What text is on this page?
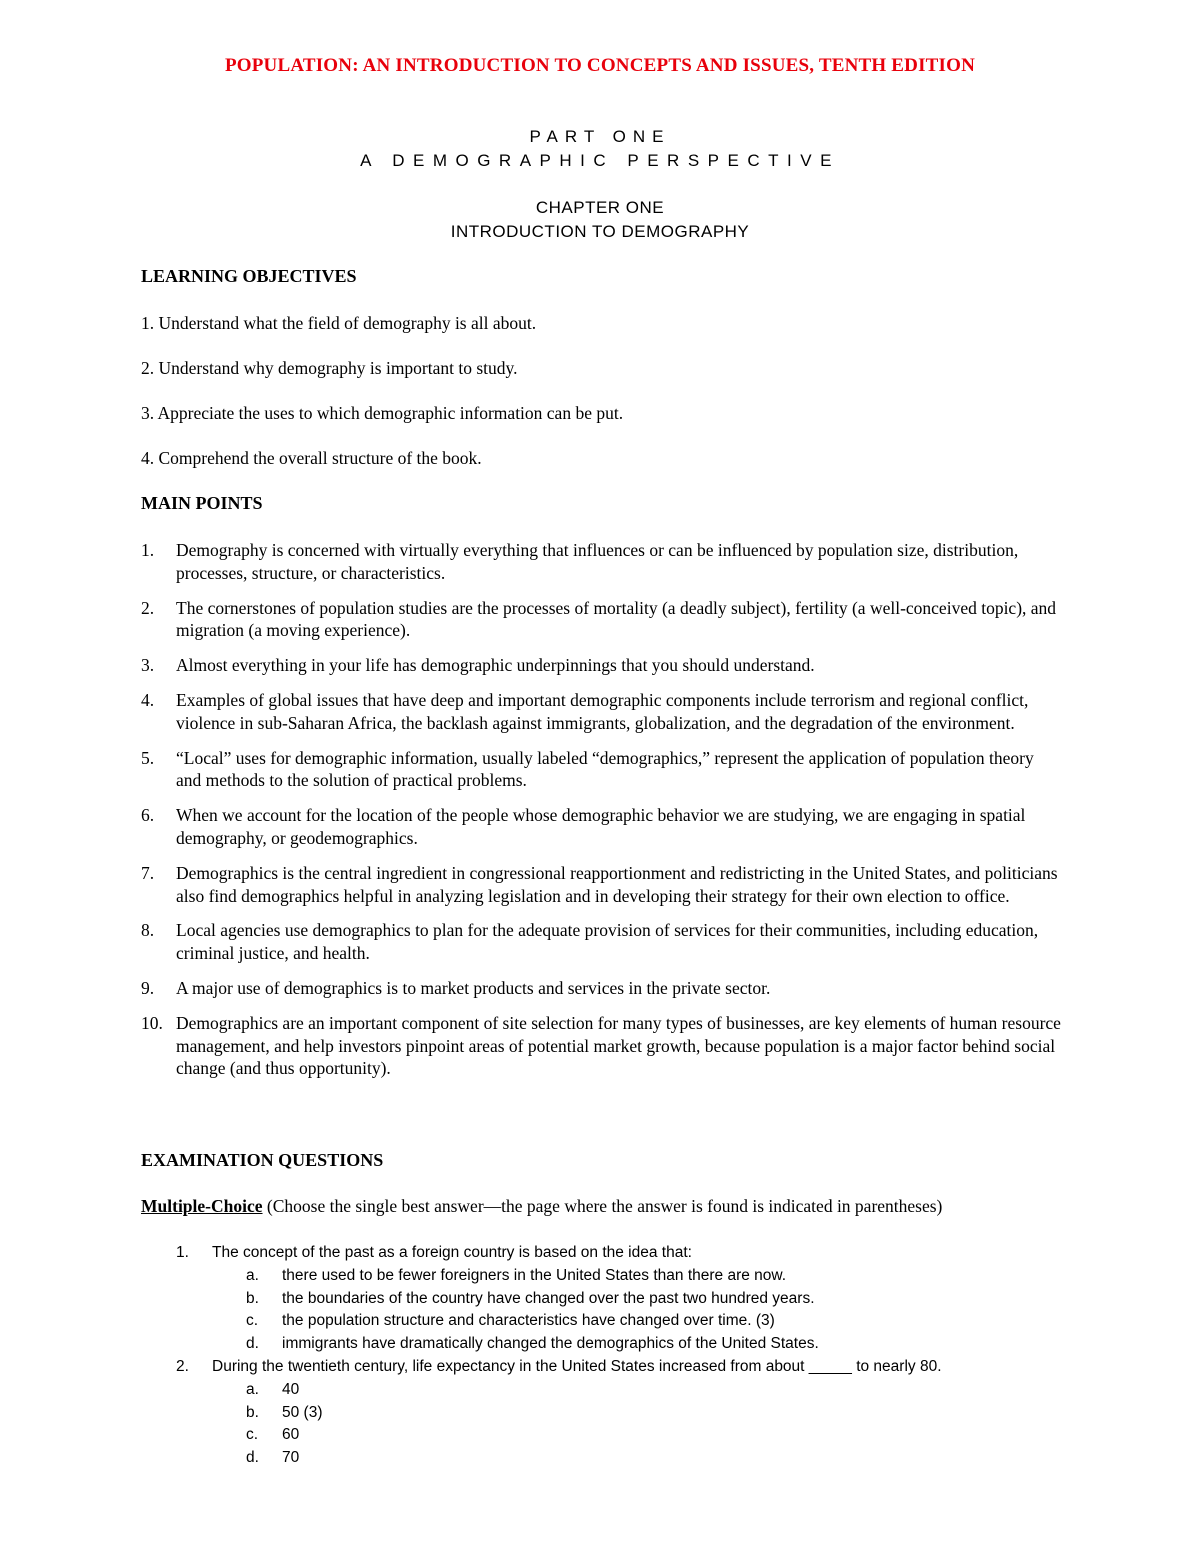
POPULATION: AN INTRODUCTION TO CONCEPTS AND ISSUES, TENTH EDITION
PART ONE
A DEMOGRAPHIC PERSPECTIVE
CHAPTER ONE
INTRODUCTION TO DEMOGRAPHY
LEARNING OBJECTIVES
1. Understand what the field of demography is all about.
2. Understand why demography is important to study.
3. Appreciate the uses to which demographic information can be put.
4. Comprehend the overall structure of the book.
MAIN POINTS
1.	Demography is concerned with virtually everything that influences or can be influenced by population size, distribution, processes, structure, or characteristics.
2.	The cornerstones of population studies are the processes of mortality (a deadly subject), fertility (a well-conceived topic), and migration (a moving experience).
3.	Almost everything in your life has demographic underpinnings that you should understand.
4.	Examples of global issues that have deep and important demographic components include terrorism and regional conflict, violence in sub-Saharan Africa, the backlash against immigrants, globalization, and the degradation of the environment.
5.	“Local” uses for demographic information, usually labeled “demographics,” represent the application of population theory and methods to the solution of practical problems.
6.	When we account for the location of the people whose demographic behavior we are studying, we are engaging in spatial demography, or geodemographics.
7.	Demographics is the central ingredient in congressional reapportionment and redistricting in the United States, and politicians also find demographics helpful in analyzing legislation and in developing their strategy for their own election to office.
8.	Local agencies use demographics to plan for the adequate provision of services for their communities, including education, criminal justice, and health.
9.	A major use of demographics is to market products and services in the private sector.
10. Demographics are an important component of site selection for many types of businesses, are key elements of human resource management, and help investors pinpoint areas of potential market growth, because population is a major factor behind social change (and thus opportunity).
EXAMINATION QUESTIONS
Multiple-Choice (Choose the single best answer—the page where the answer is found is indicated in parentheses)
1.	The concept of the past as a foreign country is based on the idea that:
a.	there used to be fewer foreigners in the United States than there are now.
b.	the boundaries of the country have changed over the past two hundred years.
c.	the population structure and characteristics have changed over time. (3)
d.	immigrants have dramatically changed the demographics of the United States.
2.	During the twentieth century, life expectancy in the United States increased from about _____ to nearly 80.
a.	40
b.	50 (3)
c.	60
d.	70
